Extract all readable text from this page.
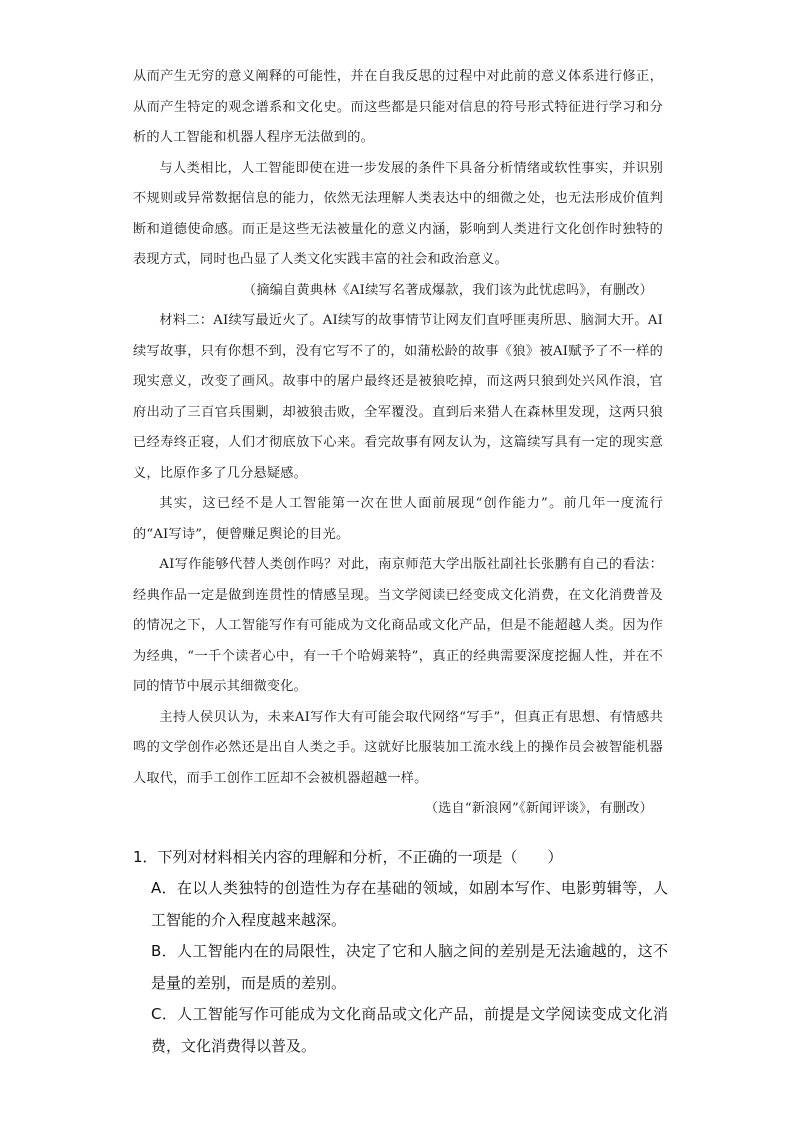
从而产生无穷的意义阐释的可能性，并在自我反思的过程中对此前的意义体系进行修正，从而产生特定的观念谱系和文化史。而这些都是只能对信息的符号形式特征进行学习和分析的人工智能和机器人程序无法做到的。

与人类相比，人工智能即使在进一步发展的条件下具备分析情绪或软性事实，并识别不规则或异常数据信息的能力，依然无法理解人类表达中的细微之处，也无法形成价值判断和道德使命感。而正是这些无法被量化的意义内涵，影响到人类进行文化创作时独特的表现方式，同时也凸显了人类文化实践丰富的社会和政治意义。

（摘编自黄典林《AI续写名著成爆款，我们该为此忧虑吗》，有删改）

材料二：AI续写最近火了。AI续写的故事情节让网友们直呼匪夷所思、脑洞大开。AI续写故事，只有你想不到，没有它写不了的，如蒲松龄的故事《狼》被AI赋予了不一样的现实意义，改变了画风。故事中的屠户最终还是被狼吃掉，而这两只狼到处兴风作浪，官府出动了三百官兵围剿，却被狼击败，全军覆没。直到后来猎人在森林里发现，这两只狼已经寿终正寝，人们才彻底放下心来。看完故事有网友认为，这篇续写具有一定的现实意义，比原作多了几分悬疑感。

其实，这已经不是人工智能第一次在世人面前展现“创作能力”。前几年一度流行的“AI写诗”，便曾赚足舆论的目光。

AI写作能够代替人类创作吗？对此，南京师范大学出版社副社长张鹏有自己的看法：经典作品一定是做到连贯性的情感呈现。当文学阅读已经变成文化消费，在文化消费普及的情况之下，人工智能写作有可能成为文化商品或文化产品，但是不能超越人类。因为作为经典，“一千个读者心中，有一千个哈姆莱特”，真正的经典需要深度挖掘人性，并在不同的情节中展示其细微变化。

主持人侯贝认为，未来AI写作大有可能会取代网络“写手”，但真正有思想、有情感共鸣的文学创作必然还是出自人类之手。这就好比服装加工流水线上的操作员会被智能机器人取代，而手工创作工匠却不会被机器超越一样。

（选自“新浪网”《新闻评谈》，有删改）

1．下列对材料相关内容的理解和分析，不正确的一项是（　　）

A．在以人类独特的创造性为存在基础的领域，如剧本写作、电影剪辑等，人工智能的介入程度越来越深。

B．人工智能内在的局限性，决定了它和人脑之间的差别是无法逾越的，这不是量的差别，而是质的差别。

C．人工智能写作可能成为文化商品或文化产品，前提是文学阅读变成文化消费，文化消费得以普及。
